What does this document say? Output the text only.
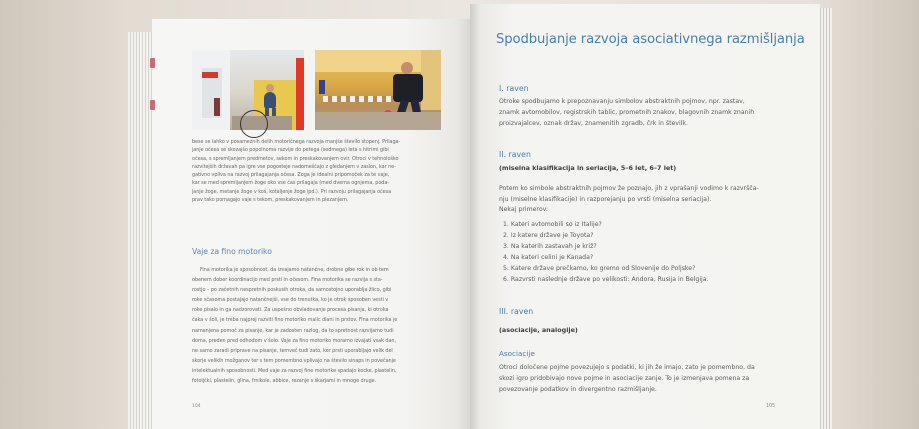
bese se lahko v posameznih delih motoričnega razvoja manjše število stopenj. Prilaga-
janje očesa se skozajšo popolnoma razvije do petega (sedmega) leta s hitrimi gibi
očesa, s spremljanjem predmetov, sekom in preskakovanjem ovir. Otroci v tehnološko
razvitejših državah pa igre vse pogosteje nadomeščajo z gledanjem v zaslon, kar ne-
gativno vpliva na razvoj prilagajanja očesa. Zoga je idealni pripomoček za te vaje,
kar se med spremljanjem žoge oko vse čas prilagaja (med dvema ognjema, poda-
janje žoge, metanje žoge v koš, kotaljenje žoge ipd.). Pri razvoju prilagajanja očesa
prav tako pomagajo vaje s tekom, preskakovanjem in plezanjem.
Vaje za fino motoriko
Fina motorika je sposobnost, da izvajamo natančne, drobne gibe rok in ob tem
obenem dober koordinacijo med prsti in očesom. Fina motorika se razvija s sta-
rostjo – po začetnih nespretnih poskusih otroka, da samostojno uporablja žlico, gibi
roke sčasoma postajajo natančnejši, vse do trenutka, ko je otrok sposoben vesti v
roke pisalo in ga nadzorovati. Za uspešno obvladovanje procesa pisanja, ki otroka
čaka v šoli, je treba najprej razviti fino motoriko malic dlani in prstov. Fina motorika je
namenjena pomoč za pisanje, kar je zadosten razlog, da to spretnost razvijamo tudi
doma, preden pred odhodom v šolo. Vaje za fino motoriko moramo izvajati vsak dan,
ne samo zaradi priprave na pisanje, temveč tudi zato, ker prsti uporabljajo velik del
skorje velikih možganov ter s tem pomembno vplivajo na število sinaps in povečanje
intelektualnih sposobnosti. Med vaje za razvoj fine motorike spadajo kocke, plastelin,
fotoljčki, plastelin, glina, frnikole, abbice, rezanje s škarjami in mnoge druge.
104
Spodbujanje razvoja asociativnega razmišljanja
I. raven
Otroke spodbujamo k prepoznavanju simbolov abstraktnih pojmov, npr. zastav,
znamk avtomobilov, registrskih tablic, prometnih znakov, blagovnih znamk znanih
proizvajalcev, oznak držav, znamenitih zgradb, črk in številk.
II. raven
(miselna klasifikacija in seriacija, 5–6 let, 6–7 let)
Potem ko simbole abstraktnih pojmov že poznajo, jih z vprašanji vodimo k razvršča-
nju (miselne klasifikacije) in razporejanju po vrsti (miselna seriacija).
Nekaj primerov:
1. Kateri avtomobili so iz Italije?
2. Iz katere države je Toyota?
3. Na katerih zastavah je križ?
4. Na kateri celini je Kanada?
5. Katere države prečkamo, ko gremo od Slovenije do Poljske?
6. Razvrsti naslednje države po velikosti: Andora, Rusija in Belgija.
III. raven
(asociacije, analogije)
Asociacije
Otroci določene pojme povezujejo s podatki, ki jih že imajo, zato je pomembno, da
skozi igro pridobivajo nove pojme in asociacije zanje. To je izmenjava pomena za
povezovanje podatkov in divergentno razmišljanje.
105
